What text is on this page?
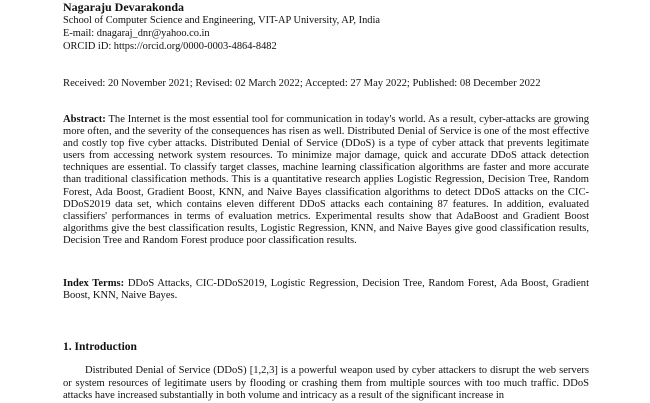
Nagaraju Devarakonda
School of Computer Science and Engineering, VIT-AP University, AP, India
E-mail: dnagaraj_dnr@yahoo.co.in
ORCID iD: https://orcid.org/0000-0003-4864-8482
Received: 20 November 2021; Revised: 02 March 2022; Accepted: 27 May 2022; Published: 08 December 2022

Abstract: The Internet is the most essential tool for communication in today's world. As a result, cyber-attacks are growing more often, and the severity of the consequences has risen as well. Distributed Denial of Service is one of the most effective and costly top five cyber attacks. Distributed Denial of Service (DDoS) is a type of cyber attack that prevents legitimate users from accessing network system resources. To minimize major damage, quick and accurate DDoS attack detection techniques are essential. To classify target classes, machine learning classification algorithms are faster and more accurate than traditional classification methods. This is a quantitative research applies Logistic Regression, Decision Tree, Random Forest, Ada Boost, Gradient Boost, KNN, and Naive Bayes classification algorithms to detect DDoS attacks on the CIC-DDoS2019 data set, which contains eleven different DDoS attacks each containing 87 features. In addition, evaluated classifiers' performances in terms of evaluation metrics. Experimental results show that AdaBoost and Gradient Boost algorithms give the best classification results, Logistic Regression, KNN, and Naive Bayes give good classification results, Decision Tree and Random Forest produce poor classification results.

Index Terms: DDoS Attacks, CIC-DDoS2019, Logistic Regression, Decision Tree, Random Forest, Ada Boost, Gradient Boost, KNN, Naive Bayes.

1. Introduction

Distributed Denial of Service (DDoS) [1,2,3] is a powerful weapon used by cyber attackers to disrupt the web servers or system resources of legitimate users by flooding or crashing them from multiple sources with too much traffic. DDoS attacks have increased substantially in both volume and intricacy as a result of the significant increase in
